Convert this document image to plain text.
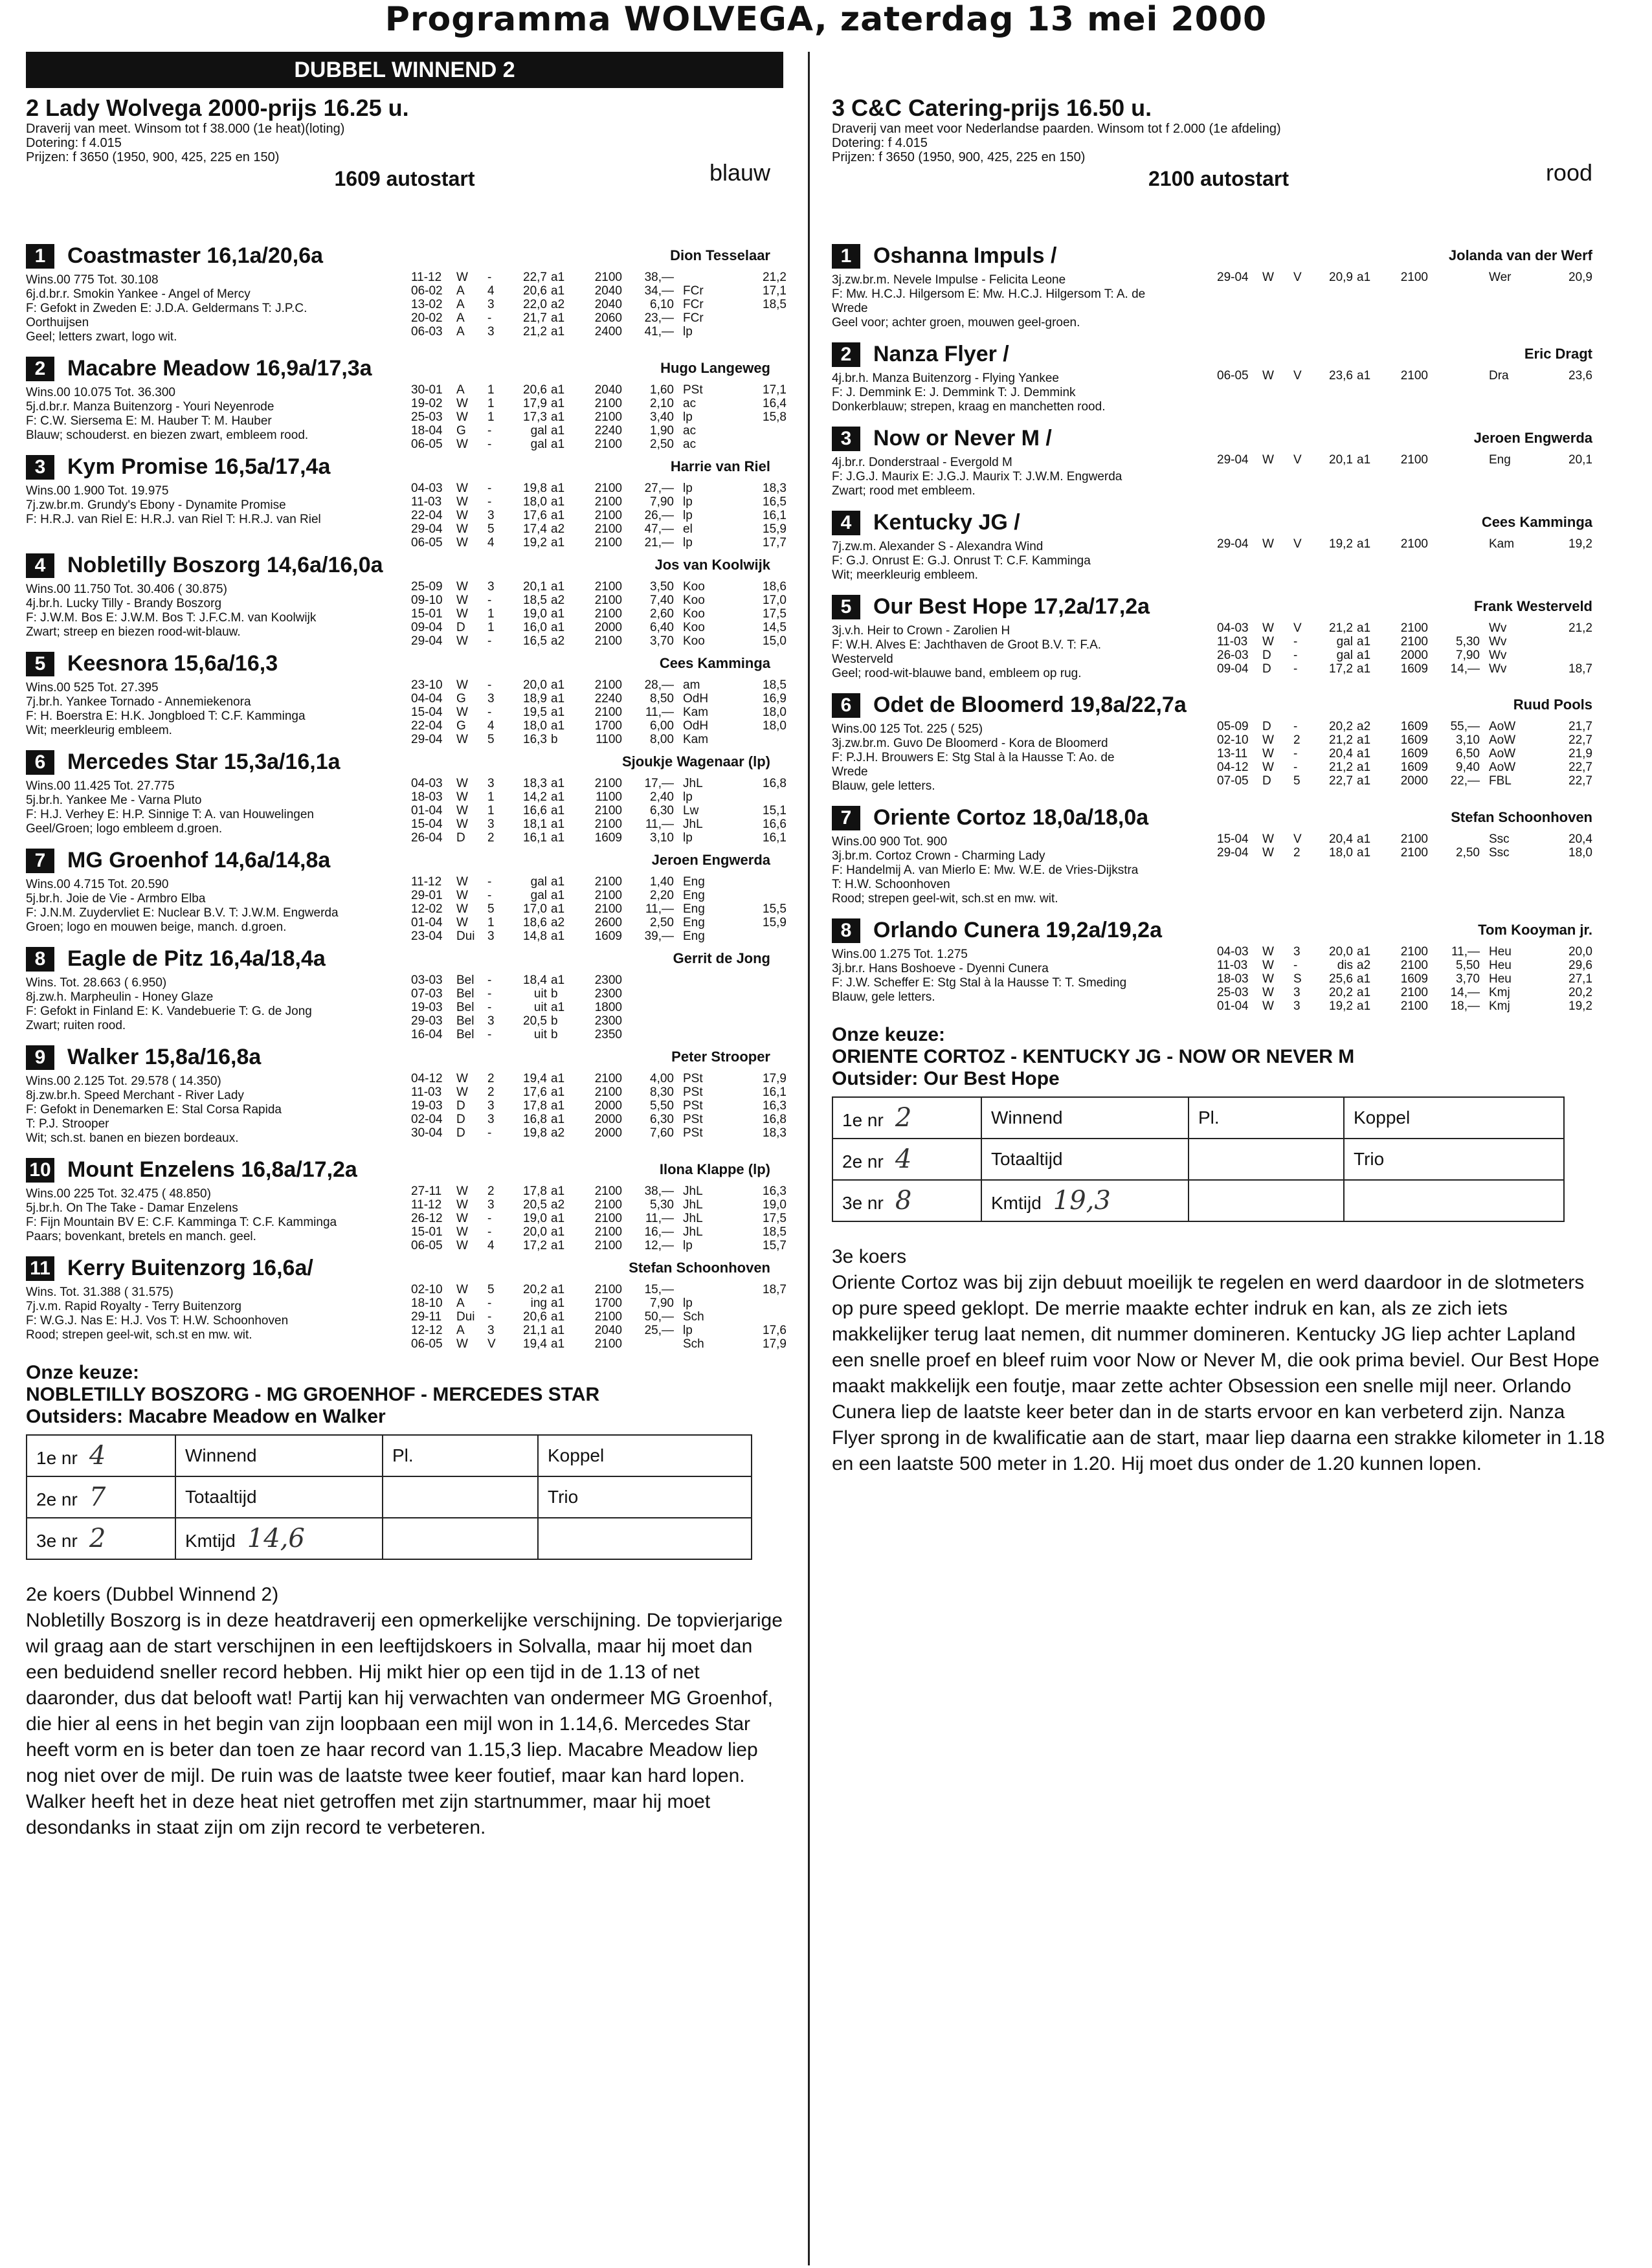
Programma WOLVEGA, zaterdag 13 mei 2000
DUBBEL WINNEND 2
2 Lady Wolvega 2000-prijs 16.25 u.
Draverij van meet. Winsom tot f 38.000 (1e heat)(loting)
Dotering: f 4.015
Prijzen: f 3650 (1950, 900, 425, 225 en 150)
blauw
1609 autostart
1 Coastmaster 16,1a/20,6a	Dion Tesselaar
Wins.00 775 Tot. 30.108
6j.d.br.r. Smokin Yankee - Angel of Mercy
F: Gefokt in Zweden E: J.D.A. Geldermans T: J.P.C.
Oorthuijsen
Geel; letters zwart, logo wit.
11-12 W -	22,7 a1 2100 38,—	21,2
06-02 A 4 20,6 a1 2040 34,— FCr	17,1
13-02 A 3 22,0 a2 2040 6,10 FCr	18,5
20-02 A -	21,7 a1 2060 23,— FCr
06-03 A 3 21,2 a1 2400 41,— lp
2 Macabre Meadow 16,9a/17,3a	Hugo Langeweg
Wins.00 10.075 Tot. 36.300
5j.d.br.r. Manza Buitenzorg - Youri Neyenrode
F: C.W. Siersema E: M. Hauber T: M. Hauber
Blauw; schouderst. en biezen zwart, embleem rood.
30-01 A 1 20,6 a1 2040 1,60 PSt	17,1
19-02 W 1 17,9 a1 2100 2,10 ac	16,4
25-03 W 1 17,3 a1 2100 3,40 lp	15,8
18-04 G -	gal a1 2240 1,90 ac
06-05 W -	gal a1 2100 2,50 ac
3 Kym Promise 16,5a/17,4a	Harrie van Riel
Wins.00 1.900 Tot. 19.975
7j.zw.br.m. Grundy's Ebony - Dynamite Promise
F: H.R.J. van Riel E: H.R.J. van Riel T: H.R.J. van Riel

04-03 W -	19,8 a1 2100 27,— lp	18,3
11-03 W -	18,0 a1 2100 7,90 lp	16,5
22-04 W 3 17,6 a1 2100 26,— lp	16,1
29-04 W 5 17,4 a2 2100 47,— el	15,9
06-05 W 4 19,2 a1 2100 21,— lp	17,7
4 Nobletilly Boszorg 14,6a/16,0a	Jos van Koolwijk
Wins.00 11.750 Tot. 30.406 ( 30.875)
4j.br.h. Lucky Tilly - Brandy Boszorg
F: J.W.M. Bos E: J.W.M. Bos T: J.F.C.M. van Koolwijk
Zwart; streep en biezen rood-wit-blauw.
25-09 W 3 20,1 a1 2100 3,50 Koo	18,6
09-10 W -	18,5 a2 2100 7,40 Koo	17,0
15-01 W 1 19,0 a1 2100 2,60 Koo	17,5
09-04 D 1 16,0 a1 2000 6,40 Koo	14,5
29-04 W -	16,5 a2 2100 3,70 Koo	15,0
5 Keesnora 15,6a/16,3	Cees Kamminga
Wins.00 525 Tot. 27.395
7j.br.h. Yankee Tornado - Annemiekenora
F: H. Boerstra E: H.K. Jongbloed T: C.F. Kamminga
Wit; meerkleurig embleem.
23-10 W -	20,0 a1 2100 28,— am	18,5
04-04 G 3 18,9 a1 2240 8,50 OdH	16,9
15-04 W -	19,5 a1 2100 11,— Kam	18,0
22-04 G 4 18,0 a1 1700 6,00 OdH	18,0
29-04 W 5 16,3 b	1100 8,00 Kam
6 Mercedes Star 15,3a/16,1a	Sjoukje Wagenaar (lp)
Wins.00 11.425 Tot. 27.775
5j.br.h. Yankee Me - Varna Pluto
F: H.J. Verhey E: H.P. Sinnige T: A. van Houwelingen
Geel/Groen; logo embleem d.groen.
04-03 W 3 18,3 a1 2100 17,— JhL	16,8
18-03 W 1 14,2 a1	1100 2,40 lp
01-04 W 1 16,6 a1 2100 6,30 Lw	15,1
15-04 W 3 18,1 a1 2100 11,— JhL	16,6
26-04 D 2 16,1 a1 1609 3,10 lp	16,1
7 MG Groenhof 14,6a/14,8a	Jeroen Engwerda
Wins.00 4.715 Tot. 20.590
5j.br.h. Joie de Vie - Armbro Elba
F: J.N.M. Zuydervliet E: Nuclear B.V. T: J.W.M. Engwerda
Groen; logo en mouwen beige, manch. d.groen.
11-12 W -	gal a1 2100 1,40 Eng
29-01 W -	gal a1 2100 2,20 Eng
12-02 W 5 17,0 a1 2100 11,— Eng	15,5
01-04 W 1 18,6 a2 2600 2,50 Eng	15,9
23-04 Dui 3 14,8 a1 1609 39,— Eng
8 Eagle de Pitz 16,4a/18,4a	Gerrit de Jong
Wins. Tot. 28.663 ( 6.950)
8j.zw.h. Marpheulin - Honey Glaze
F: Gefokt in Finland E: K. Vandebuerie T: G. de Jong
Zwart; ruiten rood.
03-03 Bel -	18,4 a1 2300
07-03 Bel -	uit b	2300
19-03 Bel -	uit a1 1800
29-03 Bel 3 20,5 b	2300
16-04 Bel -	uit b	2350
9 Walker 15,8a/16,8a	Peter Strooper
Wins.00 2.125 Tot. 29.578 ( 14.350)
8j.zw.br.h. Speed Merchant - River Lady
F: Gefokt in Denemarken E: Stal Corsa Rapida
T: P.J. Strooper
Wit; sch.st. banen en biezen bordeaux.
04-12 W 2 19,4 a1 2100 4,00 PSt	17,9
11-03 W 2 17,6 a1 2100 8,30 PSt	16,1
19-03 D 3 17,8 a1 2000 5,50 PSt	16,3
02-04 D 3 16,8 a1 2000 6,30 PSt	16,8
30-04 D -	19,8 a2 2000 7,60 PSt	18,3
10 Mount Enzelens 16,8a/17,2a	Ilona Klappe (lp)
Wins.00 225 Tot. 32.475 ( 48.850)
5j.br.h. On The Take - Damar Enzelens
F: Fijn Mountain BV E: C.F. Kamminga T: C.F. Kamminga
Paars; bovenkant, bretels en manch. geel.
27-11 W 2 17,8 a1 2100 38,— JhL	16,3
11-12 W 3 20,5 a2 2100 5,30 JhL	19,0
26-12 W -	19,0 a1 2100 11,— JhL	17,5
15-01 W -	20,0 a1 2100 16,— JhL	18,5
06-05 W 4 17,2 a1 2100 12,— lp	15,7
11 Kerry Buitenzorg 16,6a/	Stefan Schoonhoven
Wins. Tot. 31.388 ( 31.575)
7j.v.m. Rapid Royalty - Terry Buitenzorg
F: W.G.J. Nas E: H.J. Vos T: H.W. Schoonhoven
Rood; strepen geel-wit, sch.st en mw. wit.
02-10 W 5 20,2 a1 2100 15,—	18,7
18-10 A -	ing a1 1700 7,90 lp
29-11 Dui -	20,6 a1 2100 50,— Sch
12-12 A 3 21,1 a1 2040 25,— lp	17,6
06-05 W V 19,4 a1 2100	Sch	17,9
Onze keuze:
NOBLETILLY BOSZORG - MG GROENHOF - MERCEDES STAR
Outsiders: Macabre Meadow en Walker
1e nr 4	Winnend	Pl.	Koppel
2e nr 7	Totaaltijd		Trio
3e nr 2	Kmtijd 14,6		
2e koers (Dubbel Winnend 2)
Nobletilly Boszorg is in deze heatdraverij een opmerkelijke verschijning. De topvierjarige wil graag aan de start verschijnen in een leeftijdskoers in Solvalla, maar hij moet dan een beduidend sneller record hebben. Hij mikt hier op een tijd in de 1.13 of net daaronder, dus dat belooft wat! Partij kan hij verwachten van ondermeer MG Groenhof, die hier al eens in het begin van zijn loopbaan een mijl won in 1.14,6. Mercedes Star heeft vorm en is beter dan toen ze haar record van 1.15,3 liep. Macabre Meadow liep nog niet over de mijl. De ruin was de laatste twee keer foutief, maar kan hard lopen. Walker heeft het in deze heat niet getroffen met zijn startnummer, maar hij moet desondanks in staat zijn om zijn record te verbeteren.
3 C&C Catering-prijs 16.50 u.
Draverij van meet voor Nederlandse paarden. Winsom tot f 2.000 (1e afdeling)
Dotering: f 4.015
Prijzen: f 3650 (1950, 900, 425, 225 en 150)
rood
2100 autostart
1 Oshanna Impuls /	Jolanda van der Werf
3j.zw.br.m. Nevele Impulse - Felicita Leone
F: Mw. H.C.J. Hilgersom E: Mw. H.C.J. Hilgersom T: A. de
Wrede
Geel voor; achter groen, mouwen geel-groen.
29-04 W V 20,9 a1 2100	Wer	20,9
2 Nanza Flyer /	Eric Dragt
4j.br.h. Manza Buitenzorg - Flying Yankee
F: J. Demmink E: J. Demmink T: J. Demmink
Donkerblauw; strepen, kraag en manchetten rood.
06-05 W V 23,6 a1 2100	Dra	23,6
3 Now or Never M /	Jeroen Engwerda
4j.br.r. Donderstraal - Evergold M
F: J.G.J. Maurix E: J.G.J. Maurix T: J.W.M. Engwerda
Zwart; rood met embleem.
29-04 W V 20,1 a1 2100	Eng	20,1
4 Kentucky JG /	Cees Kamminga
7j.zw.m. Alexander S - Alexandra Wind
F: G.J. Onrust E: G.J. Onrust T: C.F. Kamminga
Wit; meerkleurig embleem.
29-04 W V 19,2 a1 2100	Kam	19,2
5 Our Best Hope 17,2a/17,2a	Frank Westerveld
3j.v.h. Heir to Crown - Zarolien H
F: W.H. Alves E: Jachthaven de Groot B.V. T: F.A.
Westerveld
Geel; rood-wit-blauwe band, embleem op rug.
04-03 W V 21,2 a1 2100	Wv	21,2
11-03 W -	gal a1 2100 5,30 Wv
26-03 D -	gal a1 2000 7,90 Wv
09-04 D -	17,2 a1 1609 14,— Wv	18,7
6 Odet de Bloomerd 19,8a/22,7a	Ruud Pools
Wins.00 125 Tot. 225 ( 525)
3j.zw.br.m. Guvo De Bloomerd - Kora de Bloomerd
F: P.J.H. Brouwers E: Stg Stal à la Hausse T: Ao. de
Wrede
Blauw, gele letters.
05-09 D -	20,2 a2 1609 55,— AoW	21,7
02-10 W 2 21,2 a1 1609 3,10 AoW	22,7
13-11 W -	20,4 a1 1609 6,50 AoW	21,9
04-12 W -	21,2 a1 1609 9,40 AoW	22,7
07-05 D 5 22,7 a1 2000 22,— FBL	22,7
7 Oriente Cortoz 18,0a/18,0a	Stefan Schoonhoven
Wins.00 900 Tot. 900
3j.br.m. Cortoz Crown - Charming Lady
F: Handelmij A. van Mierlo E: Mw. W.E. de Vries-Dijkstra
T: H.W. Schoonhoven
Rood; strepen geel-wit, sch.st en mw. wit.
15-04 W V 20,4 a1 2100	Ssc	20,4
29-04 W 2 18,0 a1 2100 2,50 Ssc	18,0
8 Orlando Cunera 19,2a/19,2a	Tom Kooyman jr.
Wins.00 1.275 Tot. 1.275
3j.br.r. Hans Boshoeve - Dyenni Cunera
F: J.W. Scheffer E: Stg Stal à la Hausse T: T. Smeding
Blauw, gele letters.
04-03 W 3 20,0 a1 2100 11,— Heu	20,0
11-03 W -	dis a2 2100 5,50 Heu	29,6
18-03 W S 25,6 a1 1609 3,70 Heu	27,1
25-03 W 3 20,2 a1 2100 14,— Kmj	20,2
01-04 W 3 19,2 a1 2100 18,— Kmj	19,2
Onze keuze:
ORIENTE CORTOZ - KENTUCKY JG - NOW OR NEVER M
Outsider: Our Best Hope
1e nr 2	Winnend	Pl.	Koppel
2e nr 4	Totaaltijd		Trio
3e nr 8	Kmtijd 19,3		
3e koers
Oriente Cortoz was bij zijn debuut moeilijk te regelen en werd daardoor in de slotmeters op pure speed geklopt. De merrie maakte echter indruk en kan, als ze zich iets makkelijker terug laat nemen, dit nummer domineren. Kentucky JG liep achter Lapland een snelle proef en bleef ruim voor Now or Never M, die ook prima beviel. Our Best Hope maakt makkelijk een foutje, maar zette achter Obsession een snelle mijl neer. Orlando Cunera liep de laatste keer beter dan in de starts ervoor en kan verbeterd zijn. Nanza Flyer sprong in de kwalificatie aan de start, maar liep daarna een strakke kilometer in 1.18 en een laatste 500 meter in 1.20. Hij moet dus onder de 1.20 kunnen lopen.
